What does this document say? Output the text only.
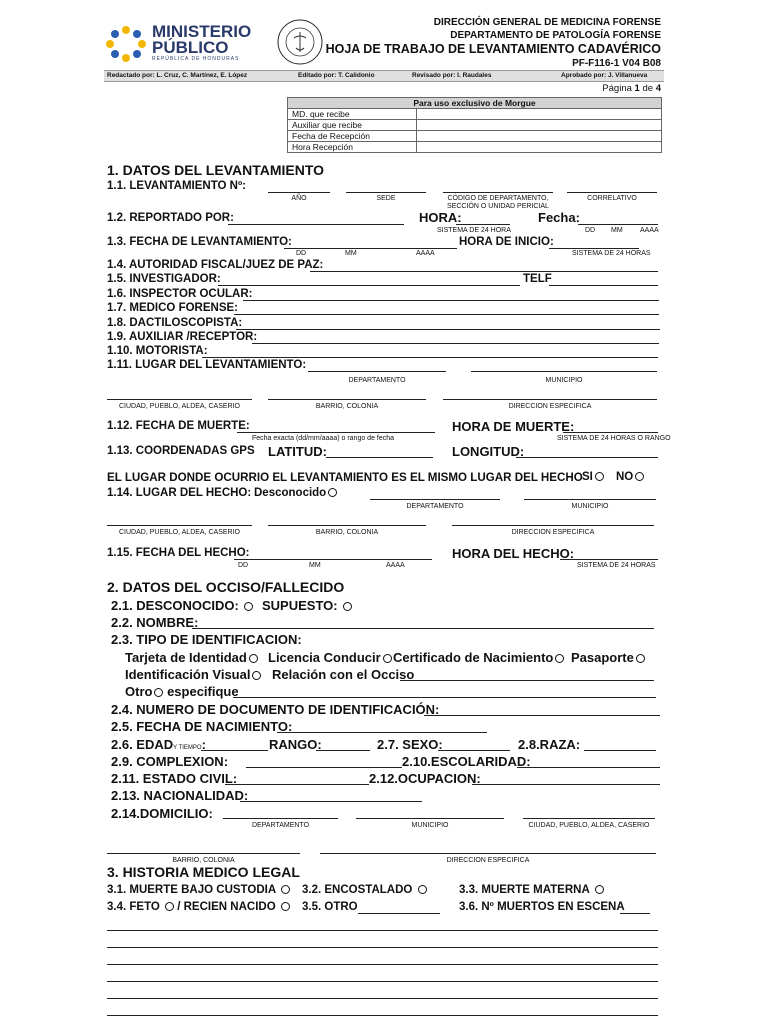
MINISTERIO
PÚBLICO
REPÚBLICA DE HONDURAS
DIRECCIÓN GENERAL DE MEDICINA FORENSE
DEPARTAMENTO DE PATOLOGÍA FORENSE
HOJA DE TRABAJO DE LEVANTAMIENTO CADAVÉRICO
PF-F116-1 V04 B08
Redactado por: L. Cruz, C. Martínez, E. López	Editado por: T. Calidonio	Revisado por: I. Raudales	Aprobado por: J. Villanueva
Página 1 de 4
Para uso exclusivo de Morgue	
MD. que recibe	
Auxiliar que recibe	
Fecha de Recepción	
Hora Recepción	
1. DATOS DEL LEVANTAMIENTO
1.1. LEVANTAMIENTO Nº:
AÑO	SEDE	CÓDIGO DE DEPARTAMENTO,
SECCIÓN O UNIDAD PERICIAL
CORRELATIVO
1.2. REPORTADO POR:	HORA:	Fecha:
SISTEMA DE 24 HORA	DD MM AAAA
1.3. FECHA DE LEVANTAMIENTO:	HORA DE INICIO:
DD	MM	AAAA	SISTEMA DE 24 HORAS
1.4. AUTORIDAD FISCAL/JUEZ DE PAZ:
1.5. INVESTIGADOR:	TELF
1.6. INSPECTOR OCULAR:
1.7. MEDICO FORENSE:
1.8. DACTILOSCOPISTA:
1.9. AUXILIAR /RECEPTOR:
1.10. MOTORISTA:
1.11. LUGAR DEL LEVANTAMIENTO:
DEPARTAMENTO	MUNICIPIO
CIUDAD, PUEBLO, ALDEA, CASERIO	BARRIO, COLONIA	DIRECCION ESPECIFICA
1.12. FECHA DE MUERTE:	HORA DE MUERTE:
Fecha exacta (dd/mm/aaaa) o rango de fecha	SISTEMA DE 24 HORAS O RANGO
1.13. COORDENADAS GPS LATITUD:	LONGITUD:
EL LUGAR DONDE OCURRIO EL LEVANTAMIENTO ES EL MISMO LUGAR DEL HECHO SI	NO
1.14. LUGAR DEL HECHO: Desconocido
DEPARTAMENTO	MUNICIPIO
CIUDAD, PUEBLO, ALDEA, CASERIO	BARRIO, COLONIA	DIRECCION ESPECIFICA
1.15. FECHA DEL HECHO:	HORA DEL HECHO:
DD	MM	AAAA	SISTEMA DE 24 HORAS
2. DATOS DEL OCCISO/FALLECIDO
2.1. DESCONOCIDO:	SUPUESTO:
2.2. NOMBRE:
2.3. TIPO DE IDENTIFICACION:
Tarjeta de Identidad	Licencia Conducir Certificado de Nacimiento	Pasaporte
Identificación Visual	Relación con el Occiso
Otro especifique
2.4. NUMERO DE DOCUMENTO DE IDENTIFICACIÓN:
2.5. FECHA DE NACIMIENTO:
2.6. EDADY TIEMPO:	RANGO:	2.7. SEXO:	2.8.RAZA:
2.9. COMPLEXION:	2.10.ESCOLARIDAD:
2.11. ESTADO CIVIL:	2.12.OCUPACION:
2.13. NACIONALIDAD:
2.14.DOMICILIO:
DEPARTAMENTO	MUNICIPIO	CIUDAD, PUEBLO, ALDEA, CASERIO
BARRIO, COLONIA	DIRECCION ESPECIFICA
3. HISTORIA MEDICO LEGAL
3.1. MUERTE BAJO CUSTODIA	3.2. ENCOSTALADO	3.3. MUERTE MATERNA
3.4. FETO  / RECIEN NACIDO	3.5. OTRO	3.6. Nº MUERTOS EN ESCENA
